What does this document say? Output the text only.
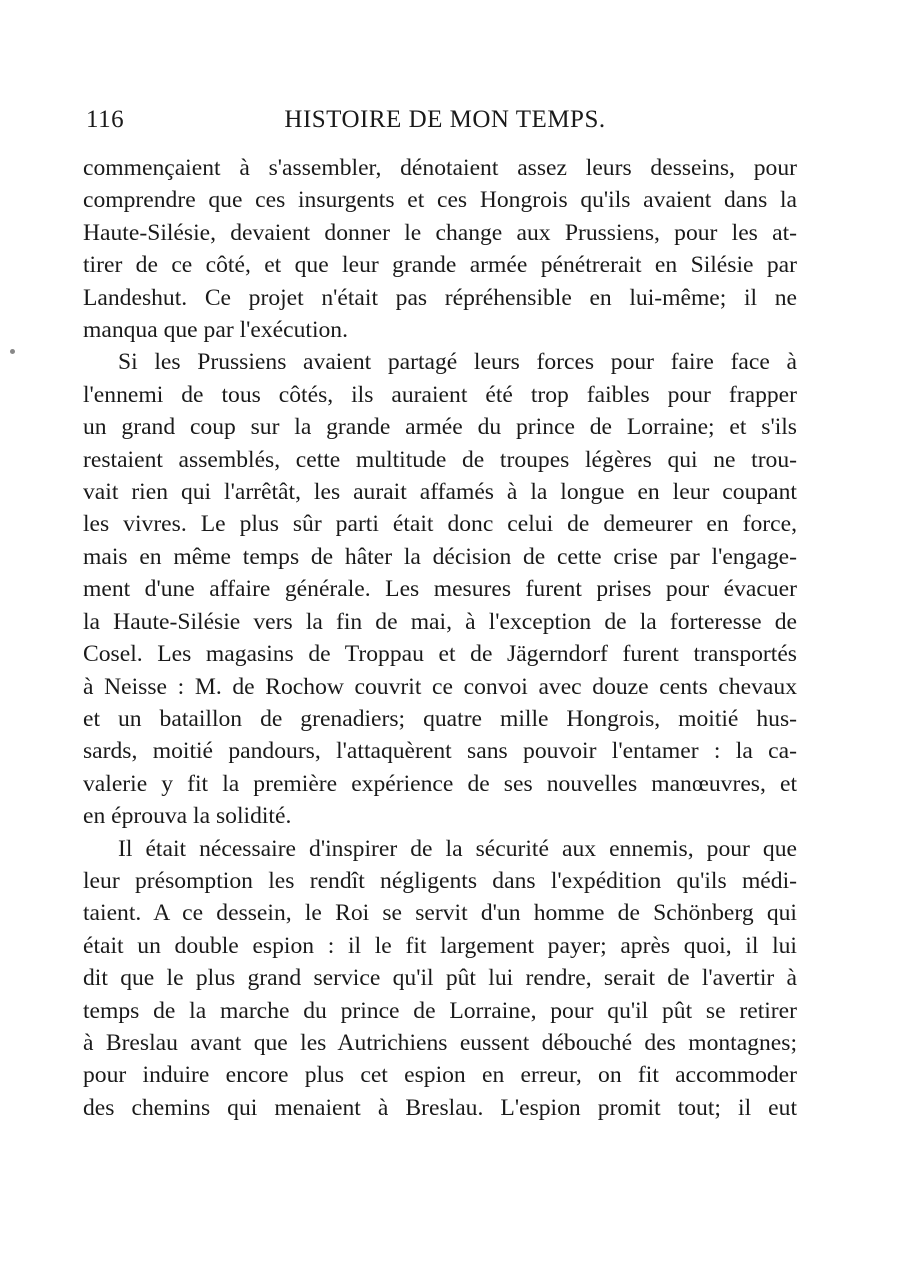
116	HISTOIRE DE MON TEMPS.
commençaient à s'assembler, dénotaient assez leurs desseins, pour
comprendre que ces insurgents et ces Hongrois qu'ils avaient dans la
Haute-Silésie, devaient donner le change aux Prussiens, pour les at-
tirer de ce côté, et que leur grande armée pénétrerait en Silésie par
Landeshut. Ce projet n'était pas répréhensible en lui-même; il ne
manqua que par l'exécution.
Si les Prussiens avaient partagé leurs forces pour faire face à
l'ennemi de tous côtés, ils auraient été trop faibles pour frapper
un grand coup sur la grande armée du prince de Lorraine; et s'ils
restaient assemblés, cette multitude de troupes légères qui ne trou-
vait rien qui l'arrêtât, les aurait affamés à la longue en leur coupant
les vivres. Le plus sûr parti était donc celui de demeurer en force,
mais en même temps de hâter la décision de cette crise par l'engage-
ment d'une affaire générale. Les mesures furent prises pour évacuer
la Haute-Silésie vers la fin de mai, à l'exception de la forteresse de
Cosel. Les magasins de Troppau et de Jägerndorf furent transportés
à Neisse : M. de Rochow couvrit ce convoi avec douze cents chevaux
et un bataillon de grenadiers; quatre mille Hongrois, moitié hus-
sards, moitié pandours, l'attaquèrent sans pouvoir l'entamer : la ca-
valerie y fit la première expérience de ses nouvelles manœuvres, et
en éprouva la solidité.
Il était nécessaire d'inspirer de la sécurité aux ennemis, pour que
leur présomption les rendît négligents dans l'expédition qu'ils médi-
taient. A ce dessein, le Roi se servit d'un homme de Schönberg qui
était un double espion : il le fit largement payer; après quoi, il lui
dit que le plus grand service qu'il pût lui rendre, serait de l'avertir à
temps de la marche du prince de Lorraine, pour qu'il pût se retirer
à Breslau avant que les Autrichiens eussent débouché des montagnes;
pour induire encore plus cet espion en erreur, on fit accommoder
des chemins qui menaient à Breslau. L'espion promit tout; il eut
